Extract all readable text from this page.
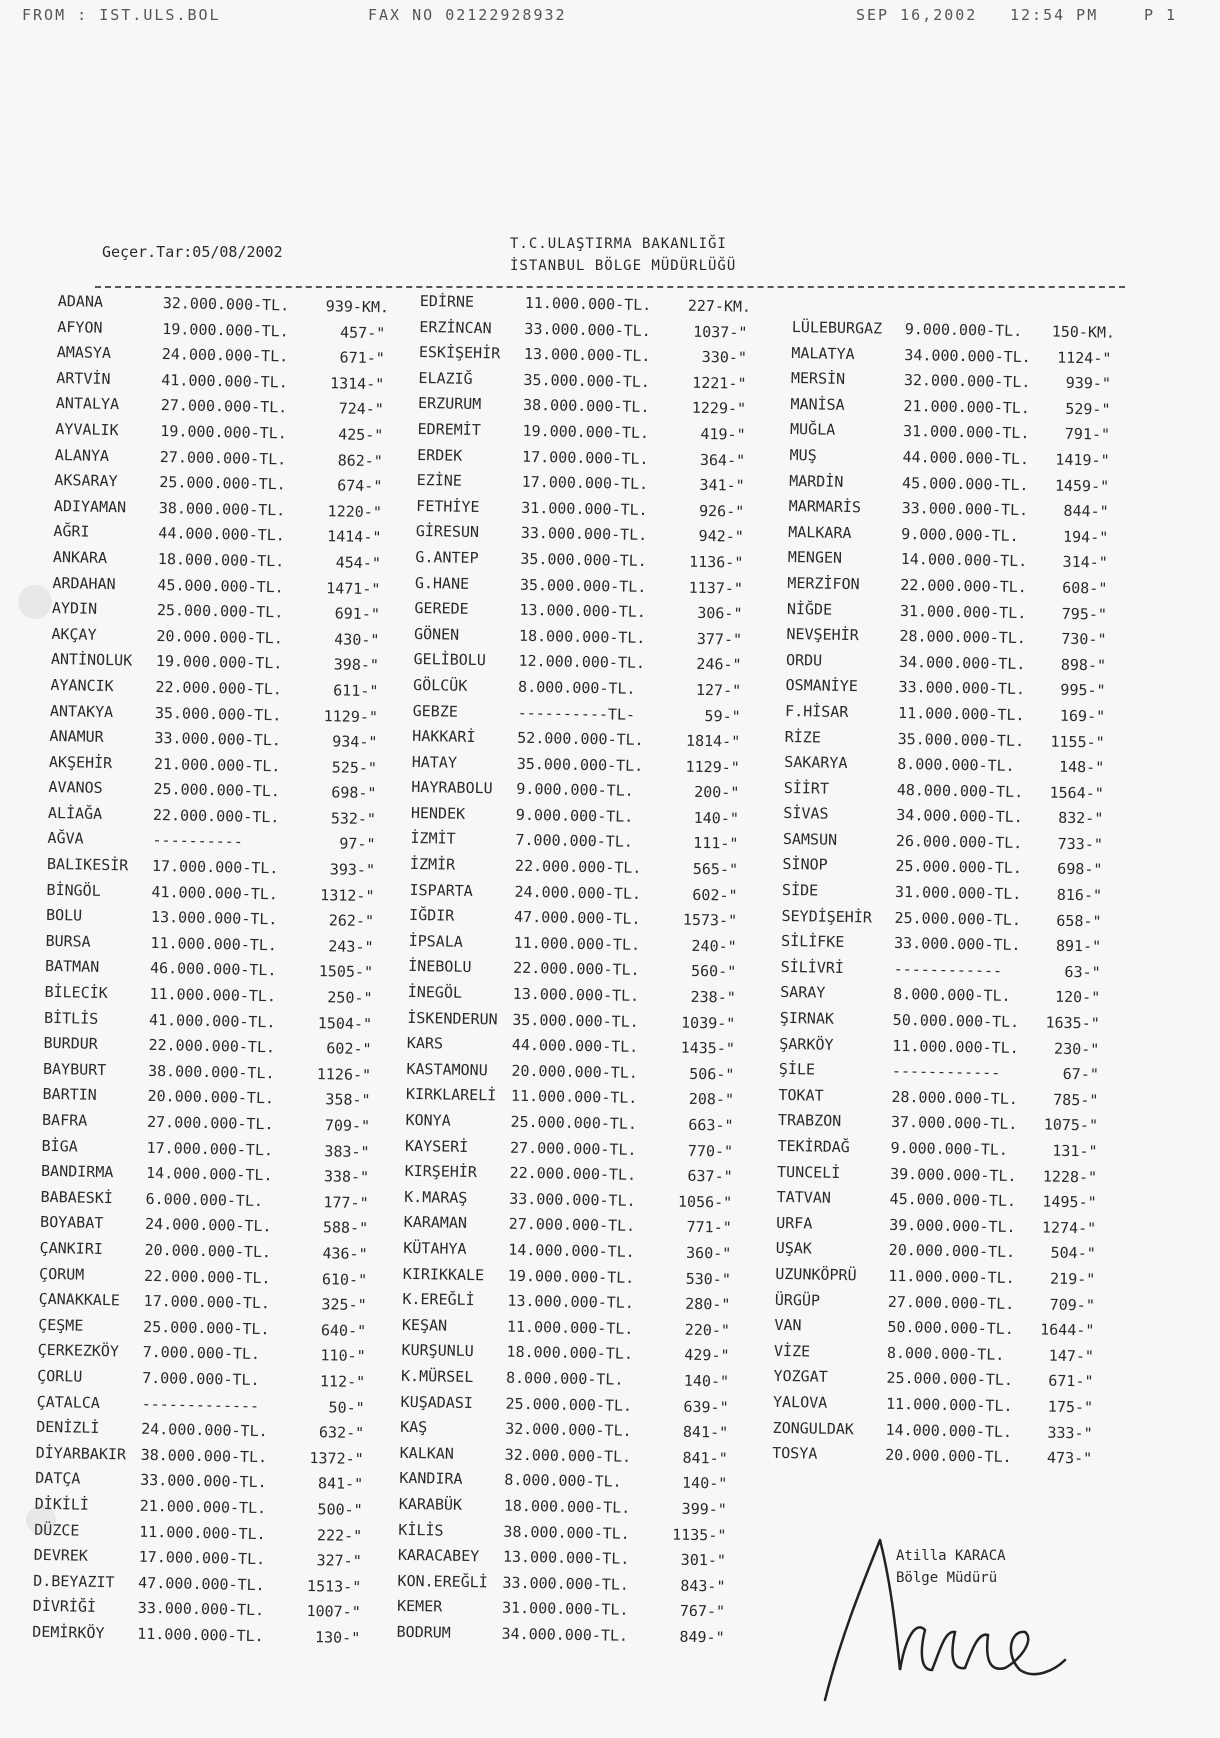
FROM : IST.ULS.BOL	FAX NO 02122928932	SEP 16,2002 12:54 PM	P 1
Geçer.Tar:05/08/2002	T.C.ULAŞTIRMA BAKANLIĞI
İSTANBUL BÖLGE MÜDÜRLÜĞÜ
ADANA	32.000.000-TL. 939-KM.
AFYON	19.000.000-TL.	457-"
AMASYA	24.000.000-TL.	671-"
ARTVİN	41.000.000-TL.	1314-"
ANTALYA	27.000.000-TL.	724-"
AYVALIK	19.000.000-TL.	425-"
ALANYA	27.000.000-TL.	862-"
AKSARAY	25.000.000-TL.	674-"
ADIYAMAN 38.000.000-TL.	1220-"
AĞRI	44.000.000-TL.	1414-"
ANKARA	18.000.000-TL.	454-"
ARDAHAN	45.000.000-TL.	1471-"
AYDIN	25.000.000-TL.	691-"
AKÇAY	20.000.000-TL.	430-"
ANTİNOLUK 19.000.000-TL.	398-"
AYANCIK	22.000.000-TL.	611-"
ANTAKYA	35.000.000-TL.	1129-"
ANAMUR	33.000.000-TL.	934-"
AKŞEHİR	21.000.000-TL.	525-"
AVANOS	25.000.000-TL.	698-"
ALİAĞA	22.000.000-TL.	532-"
AĞVA	----------	97-"
BALIKESİR 17.000.000-TL.	393-"
BİNGÖL	41.000.000-TL.	1312-"
BOLU	13.000.000-TL.	262-"
BURSA	11.000.000-TL.	243-"
BATMAN	46.000.000-TL.	1505-"
BİLECİK	11.000.000-TL.	250-"
BİTLİS	41.000.000-TL.	1504-"
BURDUR	22.000.000-TL.	602-"
BAYBURT	38.000.000-TL.	1126-"
BARTIN	20.000.000-TL.	358-"
BAFRA	27.000.000-TL.	709-"
BİGA	17.000.000-TL.	383-"
BANDIRMA 14.000.000-TL.	338-"
BABAESKİ 6.000.000-TL.	177-"
BOYABAT	24.000.000-TL.	588-"
ÇANKIRI	20.000.000-TL.	436-"
ÇORUM	22.000.000-TL.	610-"
ÇANAKKALE 17.000.000-TL.	325-"
ÇEŞME	25.000.000-TL.	640-"
ÇERKEZKÖY 7.000.000-TL.	110-"
ÇORLU	7.000.000-TL.	112-"
ÇATALCA	-------------	50-"
DENİZLİ	24.000.000-TL.	632-"
DİYARBAKIR 38.000.000-TL.	1372-"
DATÇA	33.000.000-TL.	841-"
DİKİLİ	21.000.000-TL.	500-"
DÜZCE	11.000.000-TL.	222-"
DEVREK	17.000.000-TL.	327-"
D.BEYAZIT 47.000.000-TL.	1513-"
DİVRİĞİ	33.000.000-TL.	1007-"
DEMİRKÖY 11.000.000-TL.	130-"
EDİRNE	11.000.000-TL. 227-KM.
ERZİNCAN 33.000.000-TL.	1037-"
ESKİŞEHİR 13.000.000-TL.	330-"
ELAZIĞ	35.000.000-TL.	1221-"
ERZURUM	38.000.000-TL.	1229-"
EDREMİT	19.000.000-TL.	419-"
ERDEK	17.000.000-TL.	364-"
EZİNE	17.000.000-TL.	341-"
FETHİYE	31.000.000-TL.	926-"
GİRESUN	33.000.000-TL.	942-"
G.ANTEP	35.000.000-TL.	1136-"
G.HANE	35.000.000-TL.	1137-"
GEREDE	13.000.000-TL.	306-"
GÖNEN	18.000.000-TL.	377-"
GELİBOLU 12.000.000-TL.	246-"
GÖLCÜK	8.000.000-TL.	127-"
GEBZE	----------TL-	59-"
HAKKARİ	52.000.000-TL.	1814-"
HATAY	35.000.000-TL.	1129-"
HAYRABOLU 9.000.000-TL.	200-"
HENDEK	9.000.000-TL.	140-"
İZMİT	7.000.000-TL.	111-"
İZMİR	22.000.000-TL.	565-"
ISPARTA	24.000.000-TL.	602-"
IĞDIR	47.000.000-TL.	1573-"
İPSALA	11.000.000-TL.	240-"
İNEBOLU	22.000.000-TL.	560-"
İNEGÖL	13.000.000-TL.	238-"
İSKENDERUN 35.000.000-TL.	1039-"
KARS	44.000.000-TL.	1435-"
KASTAMONU 20.000.000-TL.	506-"
KIRKLARELİ 11.000.000-TL.	208-"
KONYA	25.000.000-TL.	663-"
KAYSERİ	27.000.000-TL.	770-"
KIRŞEHİR 22.000.000-TL.	637-"
K.MARAŞ	33.000.000-TL.	1056-"
KARAMAN	27.000.000-TL.	771-"
KÜTAHYA	14.000.000-TL.	360-"
KIRIKKALE 19.000.000-TL.	530-"
K.EREĞLİ 13.000.000-TL.	280-"
KEŞAN	11.000.000-TL.	220-"
KURŞUNLU 18.000.000-TL.	429-"
K.MÜRSEL 8.000.000-TL.	140-"
KUŞADASI 25.000.000-TL.	639-"
KAŞ	32.000.000-TL.	841-"
KALKAN	32.000.000-TL.	841-"
KANDIRA	8.000.000-TL.	140-"
KARABÜK	18.000.000-TL.	399-"
KİLİS	38.000.000-TL.	1135-"
KARACABEY 13.000.000-TL.	301-"
KON.EREĞLİ 33.000.000-TL.	843-"
KEMER	31.000.000-TL.	767-"
BODRUM	34.000.000-TL.	849-"
LÜLEBURGAZ 9.000.000-TL. 150-KM.
MALATYA	34.000.000-TL.	1124-"
MERSİN	32.000.000-TL.	939-"
MANİSA	21.000.000-TL.	529-"
MUĞLA	31.000.000-TL.	791-"
MUŞ	44.000.000-TL.	1419-"
MARDİN	45.000.000-TL.	1459-"
MARMARİS	33.000.000-TL.	844-"
MALKARA	9.000.000-TL.	194-"
MENGEN	14.000.000-TL.	314-"
MERZİFON	22.000.000-TL.	608-"
NİĞDE	31.000.000-TL.	795-"
NEVŞEHİR	28.000.000-TL.	730-"
ORDU	34.000.000-TL.	898-"
OSMANİYE	33.000.000-TL.	995-"
F.HİSAR	11.000.000-TL.	169-"
RİZE	35.000.000-TL.	1155-"
SAKARYA	8.000.000-TL.	148-"
SİİRT	48.000.000-TL.	1564-"
SİVAS	34.000.000-TL.	832-"
SAMSUN	26.000.000-TL.	733-"
SİNOP	25.000.000-TL.	698-"
SİDE	31.000.000-TL.	816-"
SEYDİŞEHİR 25.000.000-TL.	658-"
SİLİFKE	33.000.000-TL.	891-"
SİLİVRİ	------------	63-"
SARAY	8.000.000-TL.	120-"
ŞIRNAK	50.000.000-TL.	1635-"
ŞARKÖY	11.000.000-TL.	230-"
ŞİLE	------------	67-"
TOKAT	28.000.000-TL.	785-"
TRABZON	37.000.000-TL.	1075-"
TEKİRDAĞ	9.000.000-TL.	131-"
TUNCELİ	39.000.000-TL.	1228-"
TATVAN	45.000.000-TL.	1495-"
URFA	39.000.000-TL.	1274-"
UŞAK	20.000.000-TL.	504-"
UZUNKÖPRÜ 11.000.000-TL.	219-"
ÜRGÜP	27.000.000-TL.	709-"
VAN	50.000.000-TL.	1644-"
VİZE	8.000.000-TL.	147-"
YOZGAT	25.000.000-TL.	671-"
YALOVA	11.000.000-TL.	175-"
ZONGULDAK 14.000.000-TL.	333-"
TOSYA	20.000.000-TL.	473-"
Atilla KARACA
Bölge Müdürü
